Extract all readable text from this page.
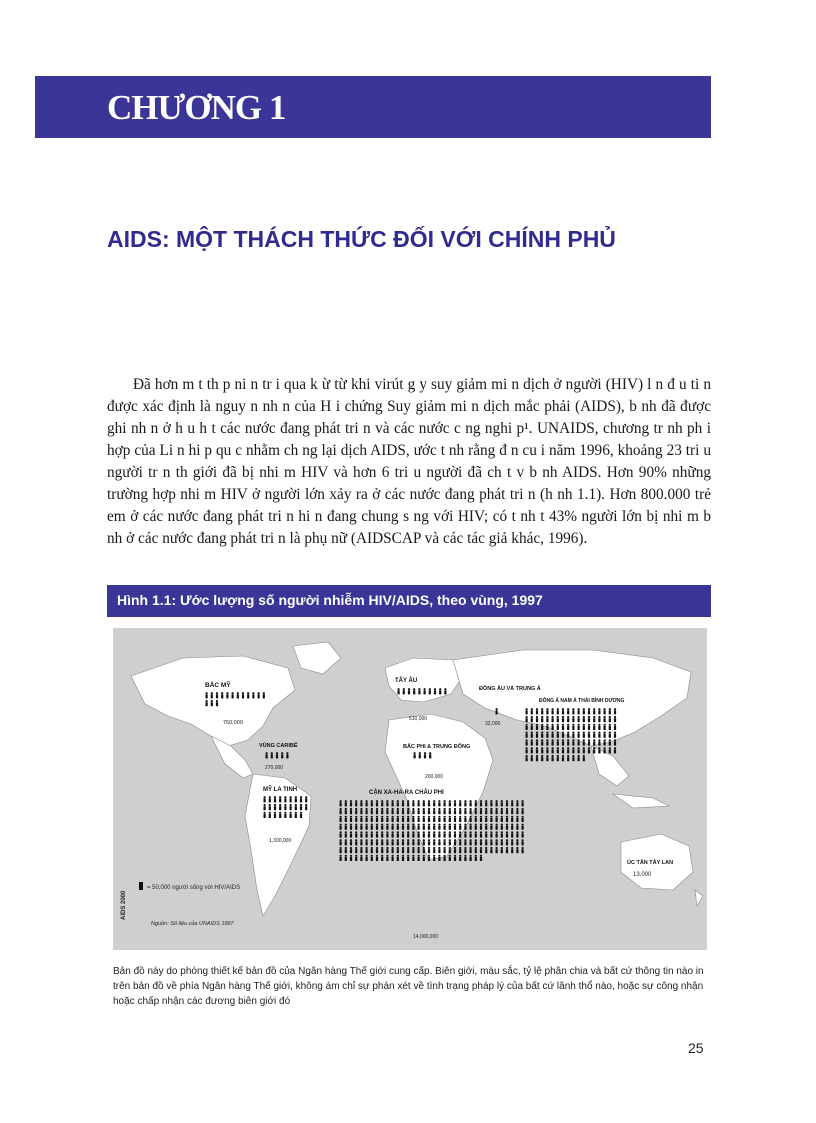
CHƯƠNG 1
AIDS: MỘT THÁCH THỨC ĐỐI VỚI CHÍNH PHỦ
Đã hơn m t th p ni n tr i qua k ừ từ khi virút g y suy giảm mi n dịch ở người (HIV) l n đ u ti n được xác định là nguy n nh n của H i chứng Suy giảm mi n dịch mắc phải (AIDS), b nh đã được ghi nh n ở h u h t các nước đang phát tri n và các nước c ng nghi p¹. UNAIDS, chương tr nh ph i hợp của Li n hi p qu c nhằm ch ng lại dịch AIDS, ước t nh rằng đ n cu i năm 1996, khoảng 23 tri u người tr n th giới đã bị nhi m HIV và hơn 6 tri u người đã ch t v b nh AIDS. Hơn 90% những trường hợp nhi m HIV ở người lớn xảy ra ở các nước đang phát tri n (h nh 1.1). Hơn 800.000 trẻ em ở các nước đang phát tri n hi n đang chung s ng với HIV; có t nh t 43% người lớn bị nhi m b nh ở các nước đang phát tri n là phụ nữ (AIDSCAP và các tác giả khác, 1996).
Hình 1.1: Ước lượng số người nhiễm HIV/AIDS, theo vùng, 1997
BẮC MỸ
750,000
VÙNG CARIBÊ
270,000
MỸ LA TINH
1,300,000
TÂY ÂU
510,000
ĐÔNG ÂU VÀ TRUNG Á
32,000
BẮC PHI & TRUNG ĐÔNG
200,000
CẬN XA-HA-RA CHÂU PHI
14,000,000
ĐÔNG Á NAM Á THÁI BÌNH DƯƠNG
ÚC TÂN TÂY LAN
13,000
= 50,000 người sống với HIV/AIDS
Nguồn: Số liệu của UNAIDS 1997
AIDS 2000
Bản đồ này do phòng thiết kế bản đồ của Ngân hàng Thế giới cung cấp. Biên giới, màu sắc, tỷ lệ phân chia và bất cứ thông tin nào in trên bản đồ về phía Ngân hàng Thế giới, không ám chỉ sự phán xét về tình trạng pháp lý của bất cứ lãnh thổ nào, hoặc sự công nhận hoặc chấp nhận các đương biên giới đó
25
